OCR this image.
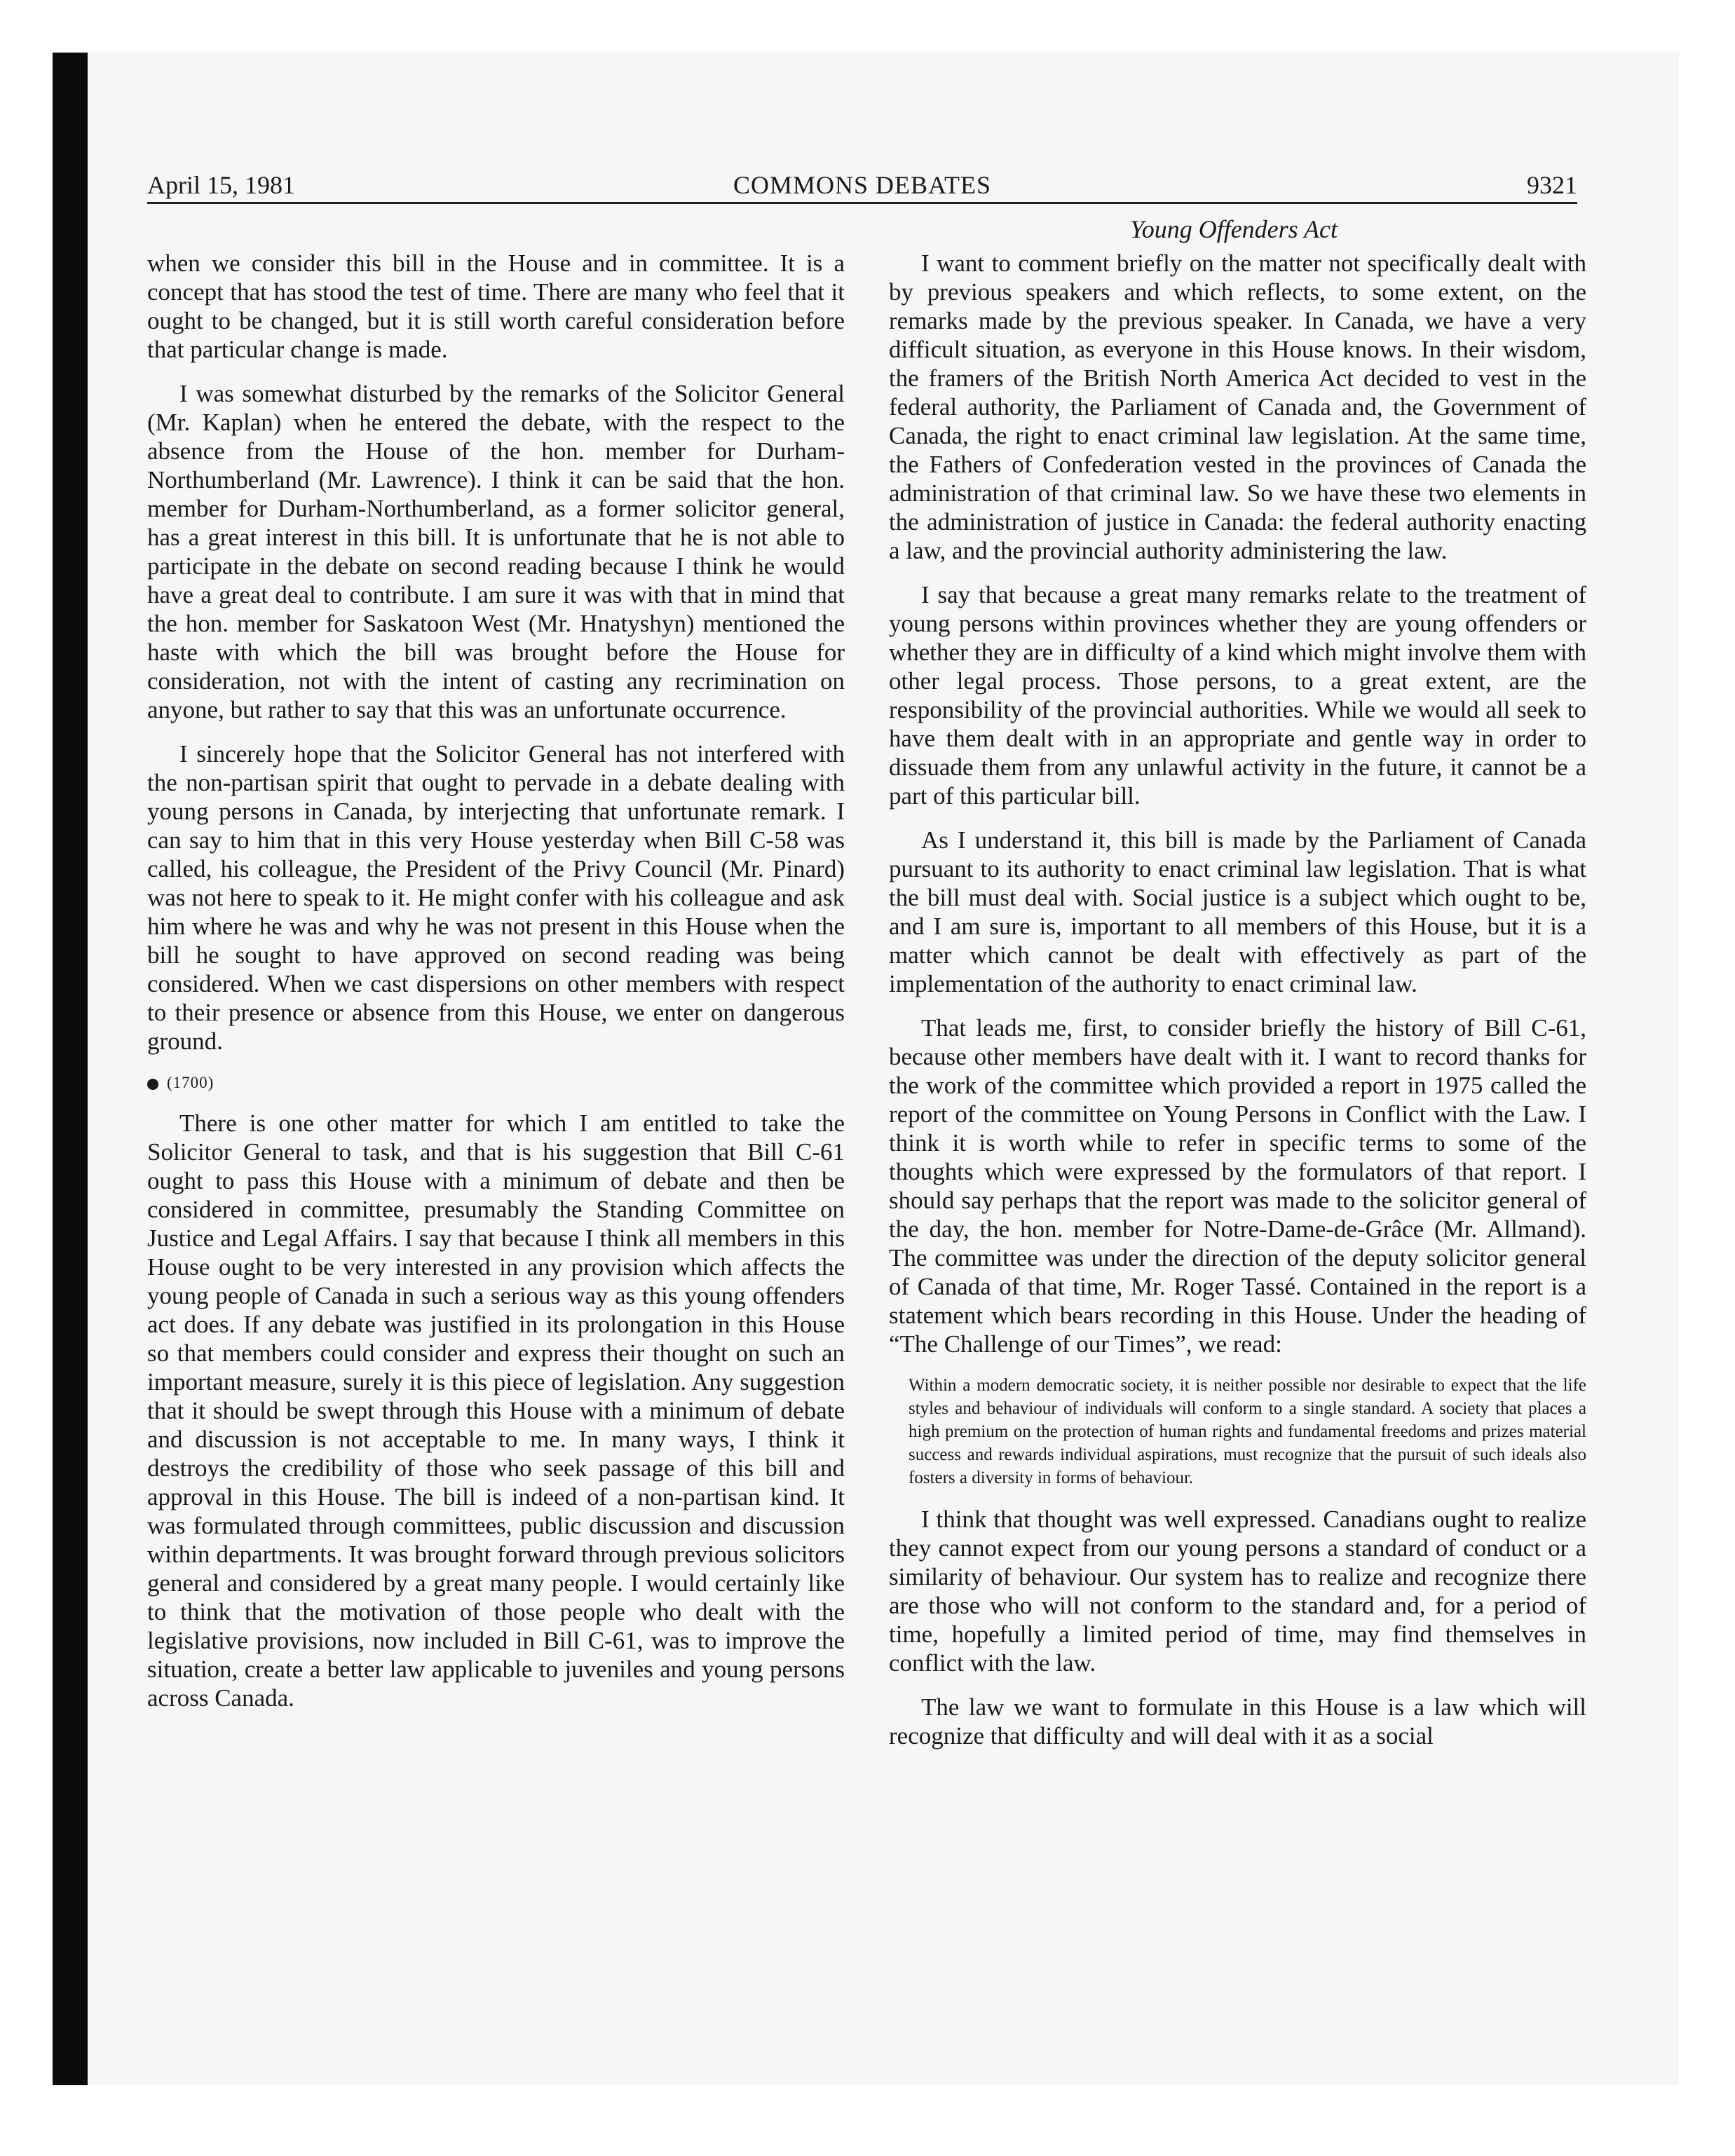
April 15, 1981	COMMONS DEBATES	9321
Young Offenders Act

when we consider this bill in the House and in committee. It is a concept that has stood the test of time. There are many who feel that it ought to be changed, but it is still worth careful consideration before that particular change is made.

I was somewhat disturbed by the remarks of the Solicitor General (Mr. Kaplan) when he entered the debate, with the respect to the absence from the House of the hon. member for Durham-Northumberland (Mr. Lawrence). I think it can be said that the hon. member for Durham-Northumberland, as a former solicitor general, has a great interest in this bill. It is unfortunate that he is not able to participate in the debate on second reading because I think he would have a great deal to contribute. I am sure it was with that in mind that the hon. member for Saskatoon West (Mr. Hnatyshyn) mentioned the haste with which the bill was brought before the House for consideration, not with the intent of casting any recrimination on anyone, but rather to say that this was an unfortunate occurrence.

I sincerely hope that the Solicitor General has not interfered with the non-partisan spirit that ought to pervade in a debate dealing with young persons in Canada, by interjecting that unfortunate remark. I can say to him that in this very House yesterday when Bill C-58 was called, his colleague, the President of the Privy Council (Mr. Pinard) was not here to speak to it. He might confer with his colleague and ask him where he was and why he was not present in this House when the bill he sought to have approved on second reading was being considered. When we cast dispersions on other members with respect to their presence or absence from this House, we enter on dangerous ground.

(1700)

There is one other matter for which I am entitled to take the Solicitor General to task, and that is his suggestion that Bill C-61 ought to pass this House with a minimum of debate and then be considered in committee, presumably the Standing Committee on Justice and Legal Affairs. I say that because I think all members in this House ought to be very interested in any provision which affects the young people of Canada in such a serious way as this young offenders act does. If any debate was justified in its prolongation in this House so that members could consider and express their thought on such an important measure, surely it is this piece of legislation. Any suggestion that it should be swept through this House with a minimum of debate and discussion is not acceptable to me. In many ways, I think it destroys the credibility of those who seek passage of this bill and approval in this House. The bill is indeed of a non-partisan kind. It was formulated through committees, public discussion and discussion within departments. It was brought forward through previous solicitors general and considered by a great many people. I would certainly like to think that the motivation of those people who dealt with the legislative provisions, now included in Bill C-61, was to improve the situation, create a better law applicable to juveniles and young persons across Canada.

I want to comment briefly on the matter not specifically dealt with by previous speakers and which reflects, to some extent, on the remarks made by the previous speaker. In Canada, we have a very difficult situation, as everyone in this House knows. In their wisdom, the framers of the British North America Act decided to vest in the federal authority, the Parliament of Canada and, the Government of Canada, the right to enact criminal law legislation. At the same time, the Fathers of Confederation vested in the provinces of Canada the administration of that criminal law. So we have these two elements in the administration of justice in Canada: the federal authority enacting a law, and the provincial authority administering the law.

I say that because a great many remarks relate to the treatment of young persons within provinces whether they are young offenders or whether they are in difficulty of a kind which might involve them with other legal process. Those persons, to a great extent, are the responsibility of the provincial authorities. While we would all seek to have them dealt with in an appropriate and gentle way in order to dissuade them from any unlawful activity in the future, it cannot be a part of this particular bill.

As I understand it, this bill is made by the Parliament of Canada pursuant to its authority to enact criminal law legislation. That is what the bill must deal with. Social justice is a subject which ought to be, and I am sure is, important to all members of this House, but it is a matter which cannot be dealt with effectively as part of the implementation of the authority to enact criminal law.

That leads me, first, to consider briefly the history of Bill C-61, because other members have dealt with it. I want to record thanks for the work of the committee which provided a report in 1975 called the report of the committee on Young Persons in Conflict with the Law. I think it is worth while to refer in specific terms to some of the thoughts which were expressed by the formulators of that report. I should say perhaps that the report was made to the solicitor general of the day, the hon. member for Notre-Dame-de-Grâce (Mr. Allmand). The committee was under the direction of the deputy solicitor general of Canada of that time, Mr. Roger Tassé. Contained in the report is a statement which bears recording in this House. Under the heading of “The Challenge of our Times”, we read:

Within a modern democratic society, it is neither possible nor desirable to expect that the life styles and behaviour of individuals will conform to a single standard. A society that places a high premium on the protection of human rights and fundamental freedoms and prizes material success and rewards individual aspirations, must recognize that the pursuit of such ideals also fosters a diversity in forms of behaviour.

I think that thought was well expressed. Canadians ought to realize they cannot expect from our young persons a standard of conduct or a similarity of behaviour. Our system has to realize and recognize there are those who will not conform to the standard and, for a period of time, hopefully a limited period of time, may find themselves in conflict with the law.

The law we want to formulate in this House is a law which will recognize that difficulty and will deal with it as a social
